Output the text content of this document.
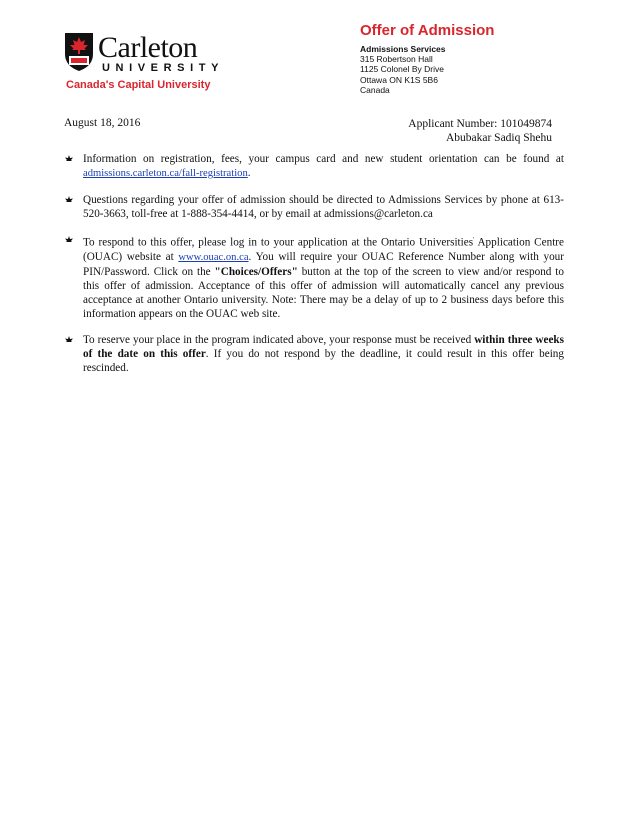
Carleton
UNIVERSITY
Canada's Capital University
Offer of Admission
Admissions Services
315 Robertson Hall
1125 Colonel By Drive
Ottawa ON K1S 5B6
Canada
August 18, 2016	Applicant Number: 101049874
Abubakar Sadiq Shehu
Information on registration, fees, your campus card and new student orientation can be found at admissions.carleton.ca/fall-registration.
Questions regarding your offer of admission should be directed to Admissions Services by phone at 613-520-3663, toll-free at 1-888-354-4414, or by email at admissions@carleton.ca
To respond to this offer, please log in to your application at the Ontario Universities' Application Centre (OUAC) website at www.ouac.on.ca. You will require your OUAC Reference Number along with your PIN/Password. Click on the "Choices/Offers" button at the top of the screen to view and/or respond to this offer of admission. Acceptance of this offer of admission will automatically cancel any previous acceptance at another Ontario university. Note: There may be a delay of up to 2 business days before this information appears on the OUAC web site.
To reserve your place in the program indicated above, your response must be received within three weeks of the date on this offer. If you do not respond by the deadline, it could result in this offer being rescinded.
